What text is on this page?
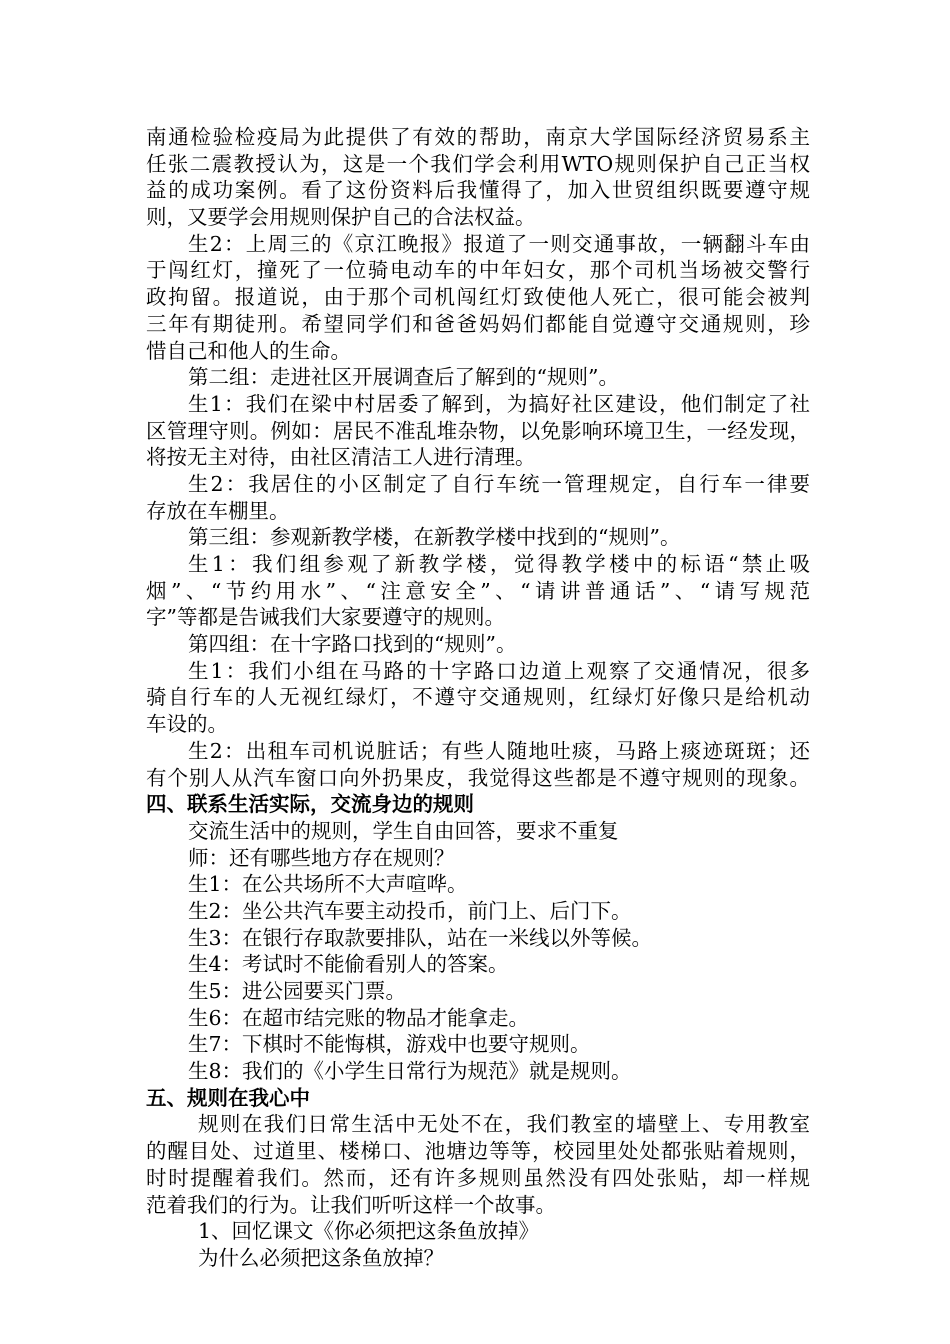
南通检验检疫局为此提供了有效的帮助，南京大学国际经济贸易系主
任张二震教授认为，这是一个我们学会利用WTO规则保护自己正当权
益的成功案例。看了这份资料后我懂得了，加入世贸组织既要遵守规
则，又要学会用规则保护自己的合法权益。
生2：上周三的《京江晚报》报道了一则交通事故，一辆翻斗车由
于闯红灯，撞死了一位骑电动车的中年妇女，那个司机当场被交警行
政拘留。报道说，由于那个司机闯红灯致使他人死亡，很可能会被判
三年有期徒刑。希望同学们和爸爸妈妈们都能自觉遵守交通规则，珍
惜自己和他人的生命。
第二组：走进社区开展调查后了解到的“规则”。
生1：我们在梁中村居委了解到，为搞好社区建设，他们制定了社
区管理守则。例如：居民不准乱堆杂物，以免影响环境卫生，一经发现，
将按无主对待，由社区清洁工人进行清理。
生2：我居住的小区制定了自行车统一管理规定，自行车一律要
存放在车棚里。
第三组：参观新教学楼，在新教学楼中找到的“规则”。
生1：我们组参观了新教学楼，觉得教学楼中的标语“禁止吸
烟”、“节约用水”、“注意安全”、“请讲普通话”、“请写规范
字”等都是告诫我们大家要遵守的规则。
第四组：在十字路口找到的“规则”。
生1：我们小组在马路的十字路口边道上观察了交通情况，很多
骑自行车的人无视红绿灯，不遵守交通规则，红绿灯好像只是给机动
车设的。
生2：出租车司机说脏话；有些人随地吐痰，马路上痰迹斑斑；还
有个别人从汽车窗口向外扔果皮，我觉得这些都是不遵守规则的现象。
四、联系生活实际，交流身边的规则
交流生活中的规则，学生自由回答，要求不重复
师：还有哪些地方存在规则？
生1：在公共场所不大声喧哗。
生2：坐公共汽车要主动投币，前门上、后门下。
生3：在银行存取款要排队，站在一米线以外等候。
生4：考试时不能偷看别人的答案。
生5：进公园要买门票。
生6：在超市结完账的物品才能拿走。
生7：下棋时不能悔棋，游戏中也要守规则。
生8：我们的《小学生日常行为规范》就是规则。
五、规则在我心中
规则在我们日常生活中无处不在，我们教室的墙壁上、专用教室
的醒目处、过道里、楼梯口、池塘边等等，校园里处处都张贴着规则，
时时提醒着我们。然而，还有许多规则虽然没有四处张贴，却一样规
范着我们的行为。让我们听听这样一个故事。
1、回忆课文《你必须把这条鱼放掉》
为什么必须把这条鱼放掉？
